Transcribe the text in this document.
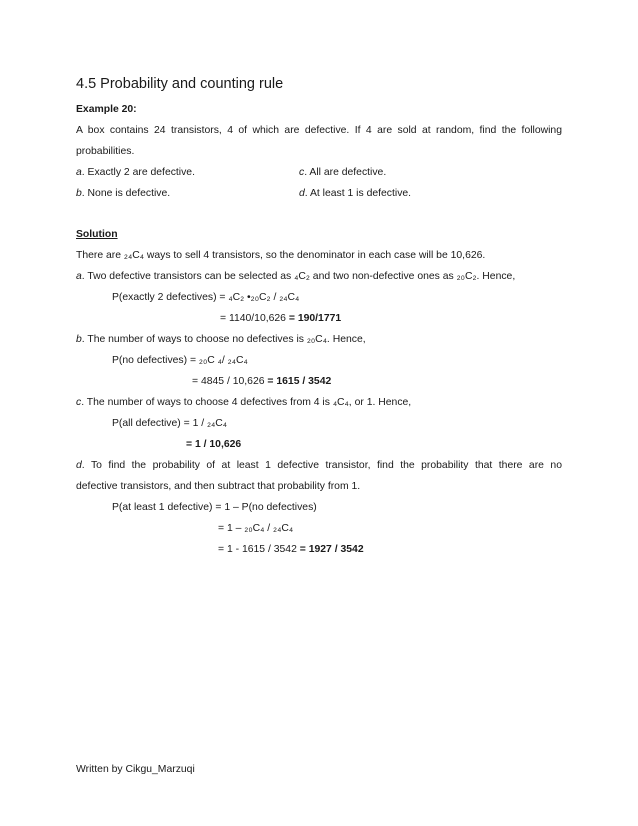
4.5 Probability and counting rule
Example 20:
A box contains 24 transistors, 4 of which are defective. If 4 are sold at random, find the following
probabilities.
a. Exactly 2 are defective.	c. All are defective.
b. None is defective.	d. At least 1 is defective.
Solution
There are ₂₄C₄ ways to sell 4 transistors, so the denominator in each case will be 10,626.
a. Two defective transistors can be selected as ₄C₂ and two non-defective ones as ₂₀C₂. Hence,
P(exactly 2 defectives) = ₄C₂ •₂₀C₂ / ₂₄C₄
= 1140/10,626 = 190/1771
b. The number of ways to choose no defectives is ₂₀C₄. Hence,
P(no defectives) = ₂₀C ₄/ ₂₄C₄
= 4845 / 10,626 = 1615 / 3542
c. The number of ways to choose 4 defectives from 4 is ₄C₄, or 1. Hence,
P(all defective) = 1 / ₂₄C₄
= 1 / 10,626
d. To find the probability of at least 1 defective transistor, find the probability that there are no
defective transistors, and then subtract that probability from 1.
P(at least 1 defective) = 1 – P(no defectives)
= 1 – ₂₀C₄ / ₂₄C₄
= 1 - 1615 / 3542 = 1927 / 3542
Written by Cikgu_Marzuqi
